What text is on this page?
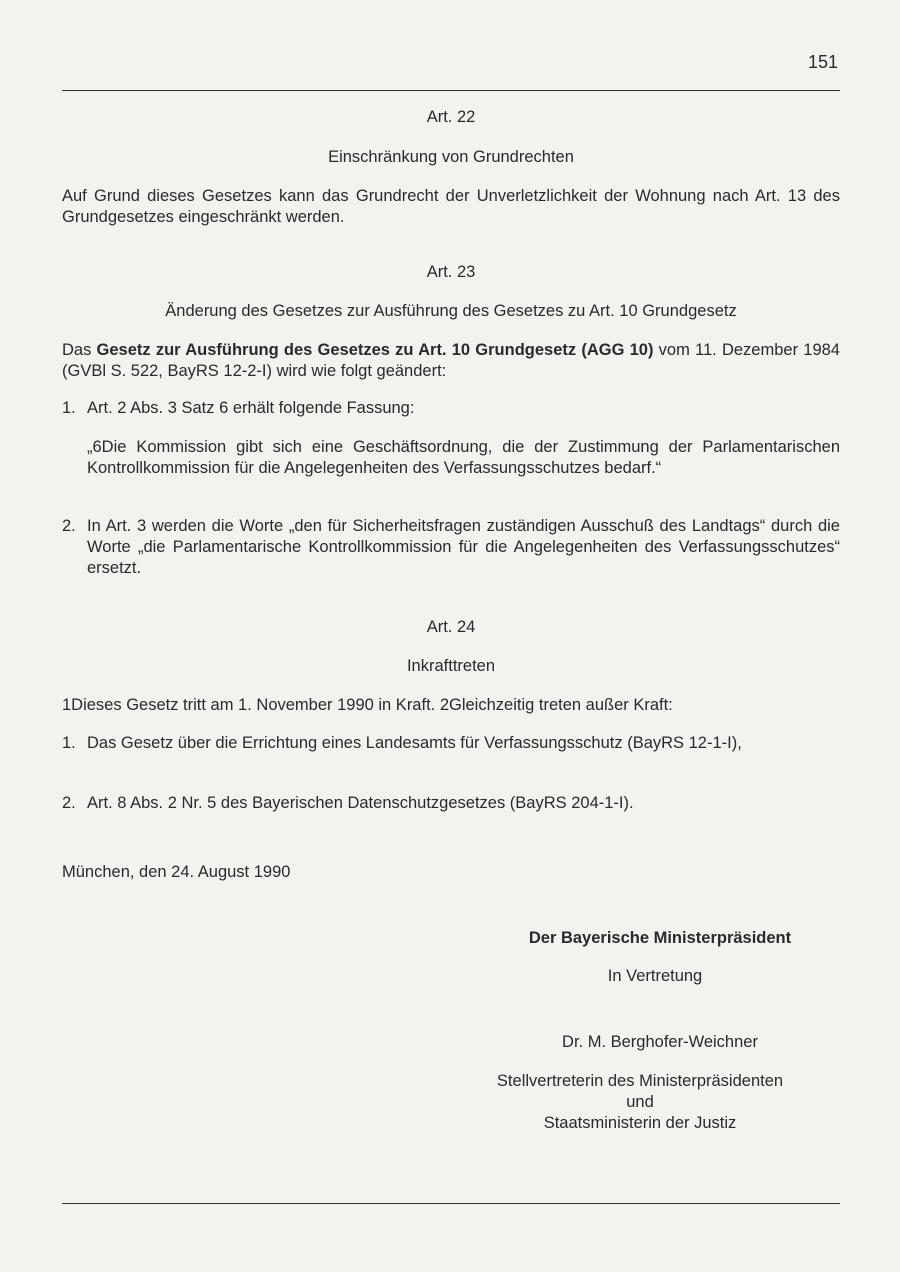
151
Art. 22
Einschränkung von Grundrechten
Auf Grund dieses Gesetzes kann das Grundrecht der Unverletzlichkeit der Wohnung nach Art. 13 des Grundgesetzes eingeschränkt werden.
Art. 23
Änderung des Gesetzes zur Ausführung des Gesetzes zu Art. 10 Grundgesetz
Das Gesetz zur Ausführung des Gesetzes zu Art. 10 Grundgesetz (AGG 10) vom 11. Dezember 1984 (GVBl S. 522, BayRS 12-2-I) wird wie folgt geändert:
1. Art. 2 Abs. 3 Satz 6 erhält folgende Fassung:
„6Die Kommission gibt sich eine Geschäftsordnung, die der Zustimmung der Parlamentarischen Kontrollkommission für die Angelegenheiten des Verfassungsschutzes bedarf.“
2. In Art. 3 werden die Worte „den für Sicherheitsfragen zuständigen Ausschuß des Landtags“ durch die Worte „die Parlamentarische Kontrollkommission für die Angelegenheiten des Verfassungsschutzes“ ersetzt.
Art. 24
Inkrafttreten
1Dieses Gesetz tritt am 1. November 1990 in Kraft. 2Gleichzeitig treten außer Kraft:
1. Das Gesetz über die Errichtung eines Landesamts für Verfassungsschutz (BayRS 12-1-I),
2. Art. 8 Abs. 2 Nr. 5 des Bayerischen Datenschutzgesetzes (BayRS 204-1-I).
München, den 24. August 1990
Der Bayerische Ministerpräsident
In Vertretung
Dr. M. Berghofer-Weichner
Stellvertreterin des Ministerpräsidenten
und
Staatsministerin der Justiz
